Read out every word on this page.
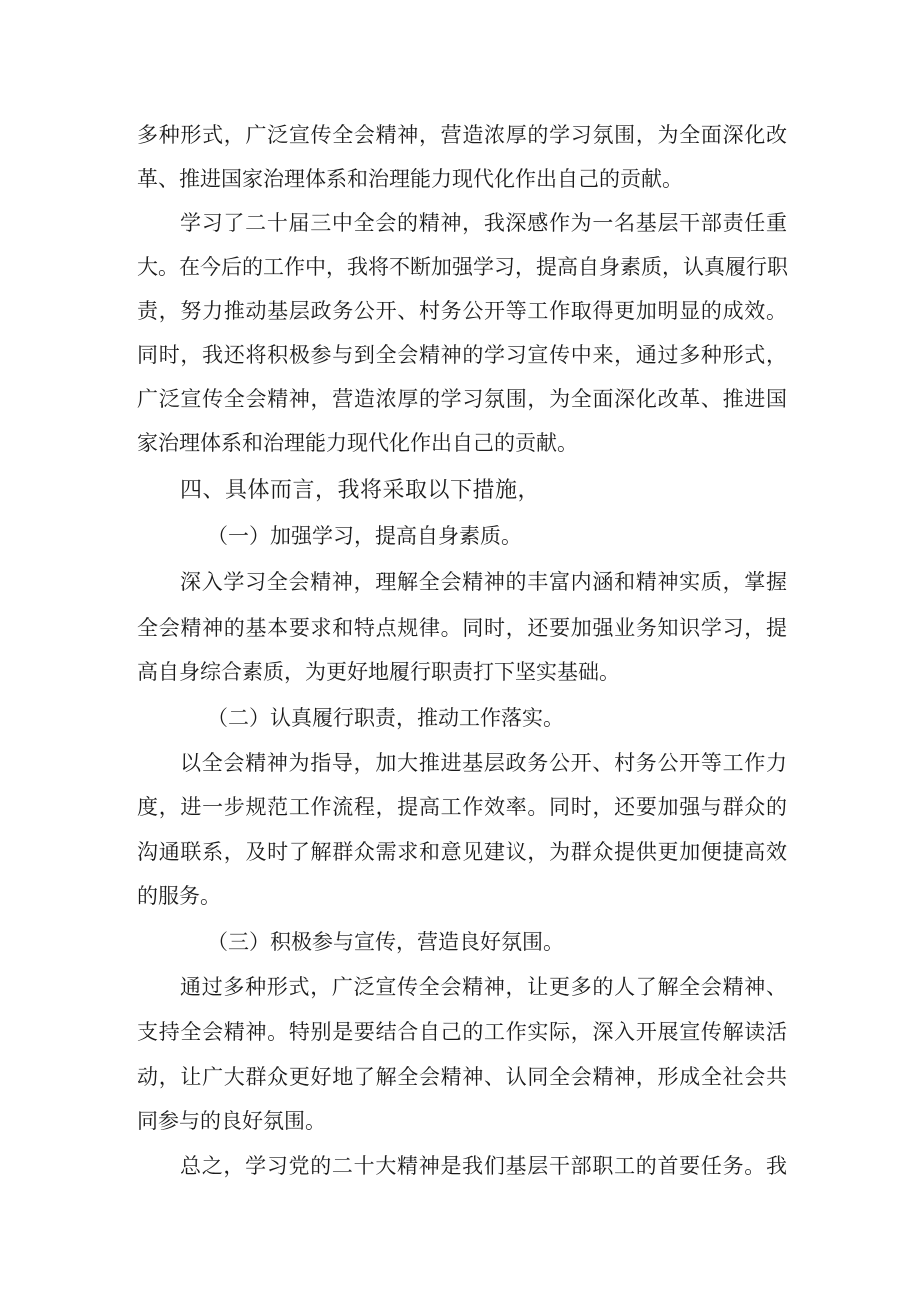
多种形式，广泛宣传全会精神，营造浓厚的学习氛围，为全面深化改
革、推进国家治理体系和治理能力现代化作出自己的贡献。
学习了二十届三中全会的精神，我深感作为一名基层干部责任重
大。在今后的工作中，我将不断加强学习，提高自身素质，认真履行职
责，努力推动基层政务公开、村务公开等工作取得更加明显的成效。
同时，我还将积极参与到全会精神的学习宣传中来，通过多种形式，
广泛宣传全会精神，营造浓厚的学习氛围，为全面深化改革、推进国
家治理体系和治理能力现代化作出自己的贡献。
四、具体而言，我将采取以下措施，
（一）加强学习，提高自身素质。
深入学习全会精神，理解全会精神的丰富内涵和精神实质，掌握
全会精神的基本要求和特点规律。同时，还要加强业务知识学习，提
高自身综合素质，为更好地履行职责打下坚实基础。
（二）认真履行职责，推动工作落实。
以全会精神为指导，加大推进基层政务公开、村务公开等工作力
度，进一步规范工作流程，提高工作效率。同时，还要加强与群众的
沟通联系，及时了解群众需求和意见建议，为群众提供更加便捷高效
的服务。
（三）积极参与宣传，营造良好氛围。
通过多种形式，广泛宣传全会精神，让更多的人了解全会精神、
支持全会精神。特别是要结合自己的工作实际，深入开展宣传解读活
动，让广大群众更好地了解全会精神、认同全会精神，形成全社会共
同参与的良好氛围。
总之，学习党的二十大精神是我们基层干部职工的首要任务。我
